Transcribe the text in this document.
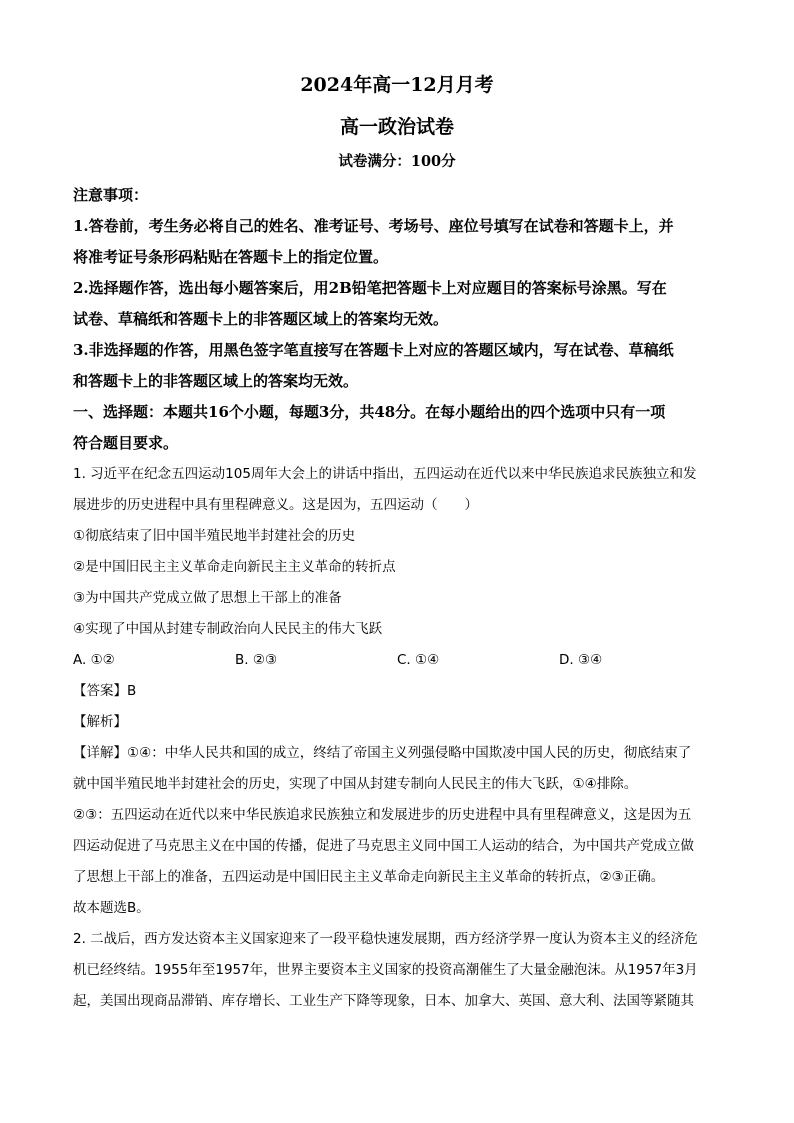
2024年高一12月月考
高一政治试卷
试卷满分：100分
注意事项：
1.答卷前，考生务必将自己的姓名、准考证号、考场号、座位号填写在试卷和答题卡上，并
将准考证号条形码粘贴在答题卡上的指定位置。
2.选择题作答，选出每小题答案后，用2B铅笔把答题卡上对应题目的答案标号涂黑。写在
试卷、草稿纸和答题卡上的非答题区域上的答案均无效。
3.非选择题的作答，用黑色签字笔直接写在答题卡上对应的答题区域内，写在试卷、草稿纸
和答题卡上的非答题区域上的答案均无效。
一、选择题：本题共16个小题，每题3分，共48分。在每小题给出的四个选项中只有一项
符合题目要求。
1. 习近平在纪念五四运动105周年大会上的讲话中指出，五四运动在近代以来中华民族追求民族独立和发
展进步的历史进程中具有里程碑意义。这是因为，五四运动（　　）
①彻底结束了旧中国半殖民地半封建社会的历史
②是中国旧民主主义革命走向新民主主义革命的转折点
③为中国共产党成立做了思想上干部上的准备
④实现了中国从封建专制政治向人民民主的伟大飞跃
A. ①②	B. ②③	C. ①④	D. ③④
【答案】B
【解析】
【详解】①④：中华人民共和国的成立，终结了帝国主义列强侵略中国欺凌中国人民的历史，彻底结束了
就中国半殖民地半封建社会的历史，实现了中国从封建专制向人民民主的伟大飞跃，①④排除。
②③：五四运动在近代以来中华民族追求民族独立和发展进步的历史进程中具有里程碑意义，这是因为五
四运动促进了马克思主义在中国的传播，促进了马克思主义同中国工人运动的结合，为中国共产党成立做
了思想上干部上的准备，五四运动是中国旧民主主义革命走向新民主主义革命的转折点，②③正确。
故本题选B。
2. 二战后，西方发达资本主义国家迎来了一段平稳快速发展期，西方经济学界一度认为资本主义的经济危
机已经终结。1955年至1957年，世界主要资本主义国家的投资高潮催生了大量金融泡沫。从1957年3月
起，美国出现商品滞销、库存增长、工业生产下降等现象，日本、加拿大、英国、意大利、法国等紧随其
